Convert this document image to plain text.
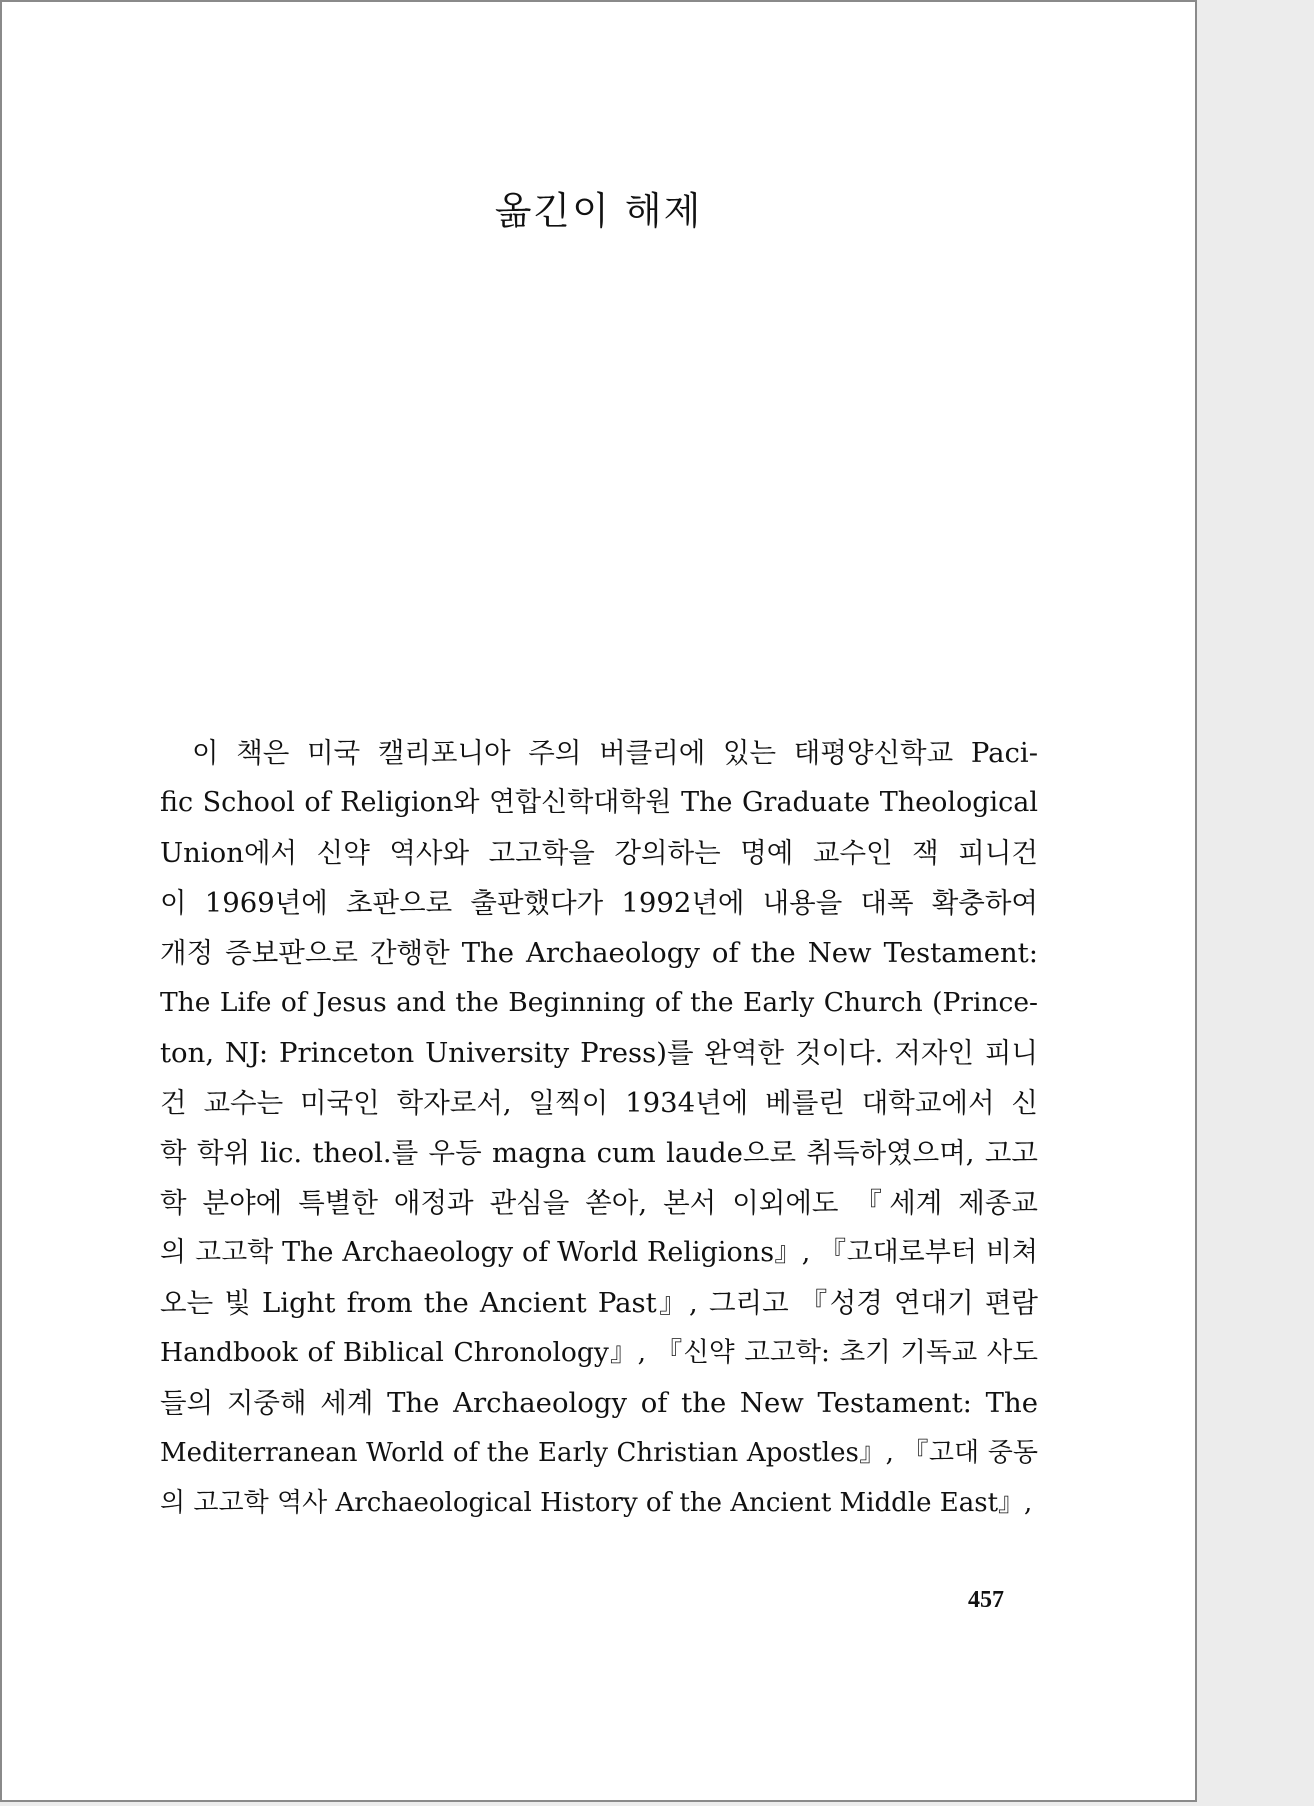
옮긴이 해제
이 책은 미국 캘리포니아 주의 버클리에 있는 태평양신학교 Paci-
fic School of Religion와 연합신학대학원 The Graduate Theological
Union에서 신약 역사와 고고학을 강의하는 명예 교수인 잭 피니건
이 1969년에 초판으로 출판했다가 1992년에 내용을 대폭 확충하여
개정 증보판으로 간행한 The Archaeology of the New Testament:
The Life of Jesus and the Beginning of the Early Church (Prince-
ton, NJ: Princeton University Press)를 완역한 것이다. 저자인 피니
건 교수는 미국인 학자로서, 일찍이 1934년에 베를린 대학교에서 신
학 학위 lic. theol.를 우등 magna cum laude으로 취득하였으며, 고고
학 분야에 특별한 애정과 관심을 쏟아, 본서 이외에도 『세계 제종교
의 고고학 The Archaeology of World Religions』, 『고대로부터 비쳐
오는 빛 Light from the Ancient Past』, 그리고 『성경 연대기 편람
Handbook of Biblical Chronology』, 『신약 고고학: 초기 기독교 사도
들의 지중해 세계 The Archaeology of the New Testament: The
Mediterranean World of the Early Christian Apostles』, 『고대 중동
의 고고학 역사 Archaeological History of the Ancient Middle East』,
457
